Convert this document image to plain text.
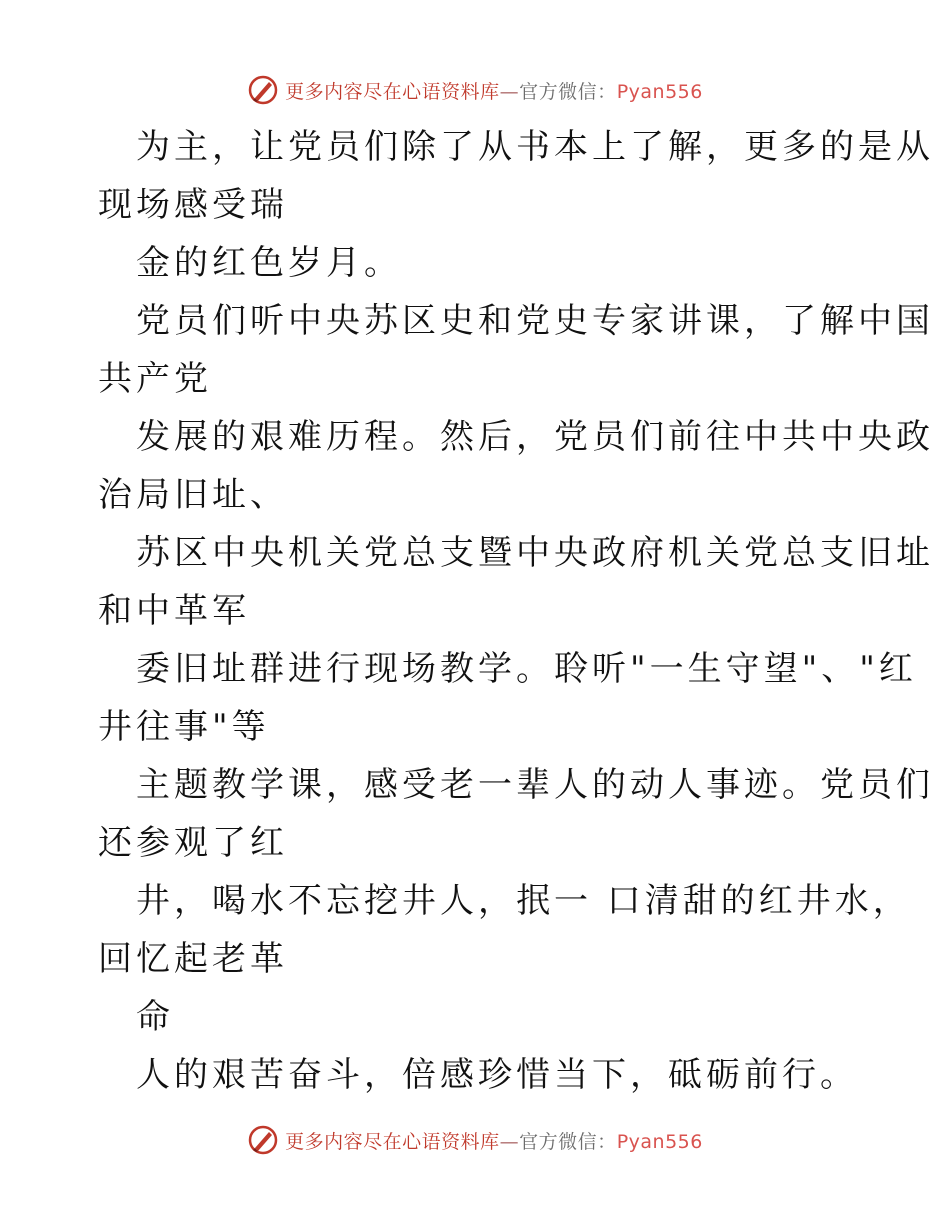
更多内容尽在心语资料库—官方微信：Pyan556
为主，让党员们除了从书本上了解，更多的是从
现场感受瑞
金的红色岁月。
党员们听中央苏区史和党史专家讲课，了解中国
共产党
发展的艰难历程。然后，党员们前往中共中央政
治局旧址、
苏区中央机关党总支暨中央政府机关党总支旧址
和中革军
委旧址群进行现场教学。聆听"一生守望"、"红
井往事"等
主题教学课，感受老一辈人的动人事迹。党员们
还参观了红
井，喝水不忘挖井人，抿一 口清甜的红井水，
回忆起老革
命
人的艰苦奋斗，倍感珍惜当下，砥砺前行。
更多内容尽在心语资料库—官方微信：Pyan556
